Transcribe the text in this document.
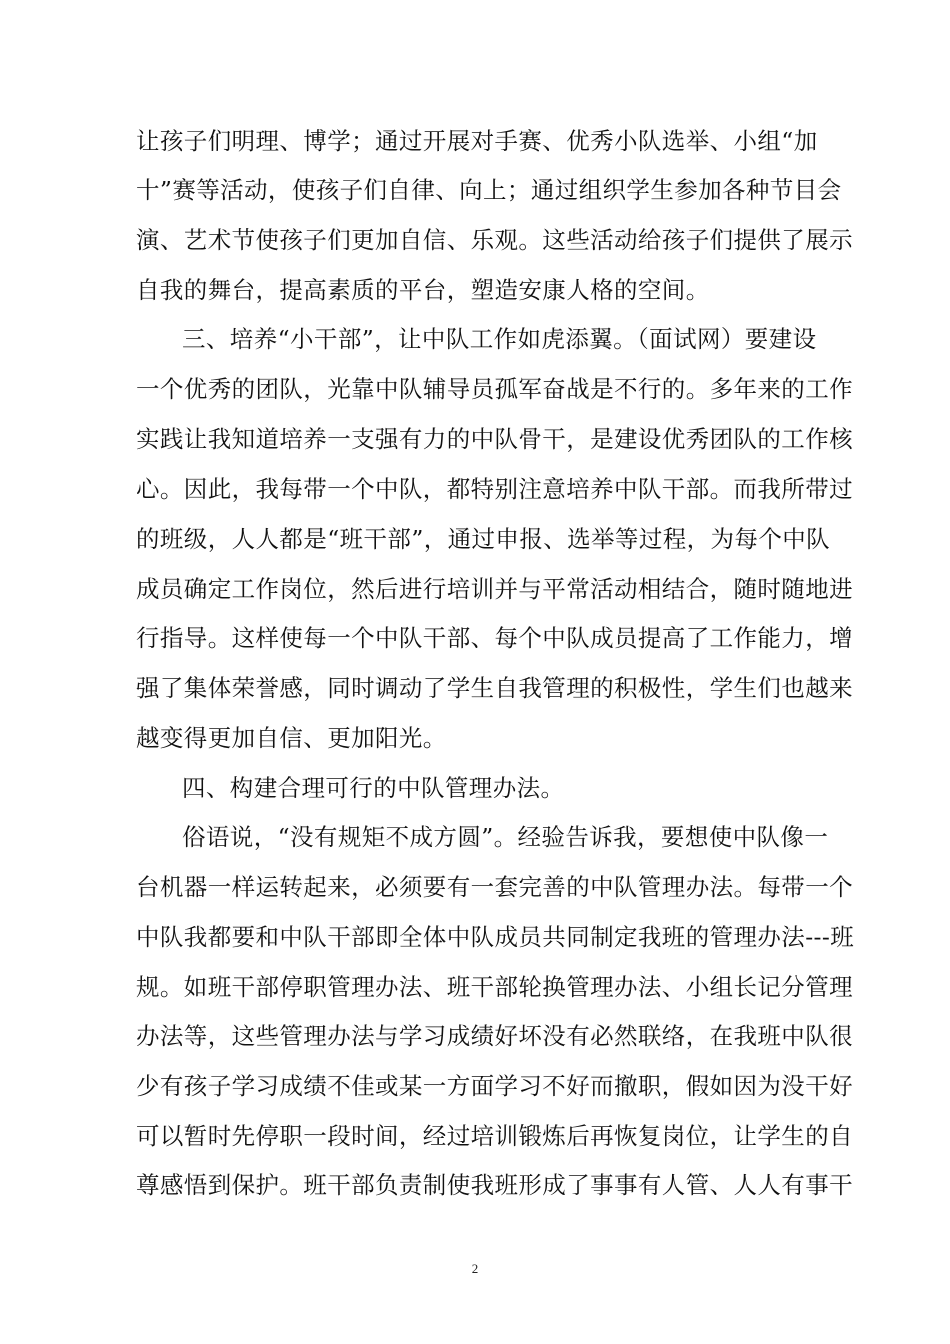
让孩子们明理、博学；通过开展对手赛、优秀小队选举、小组“加
十”赛等活动，使孩子们自律、向上；通过组织学生参加各种节目会
演、艺术节使孩子们更加自信、乐观。这些活动给孩子们提供了展示
自我的舞台，提高素质的平台，塑造安康人格的空间。
三、培养“小干部”，让中队工作如虎添翼。（面试网）要建设
一个优秀的团队，光靠中队辅导员孤军奋战是不行的。多年来的工作
实践让我知道培养一支强有力的中队骨干，是建设优秀团队的工作核
心。因此，我每带一个中队，都特别注意培养中队干部。而我所带过
的班级，人人都是“班干部”，通过申报、选举等过程，为每个中队
成员确定工作岗位，然后进行培训并与平常活动相结合，随时随地进
行指导。这样使每一个中队干部、每个中队成员提高了工作能力，增
强了集体荣誉感，同时调动了学生自我管理的积极性，学生们也越来
越变得更加自信、更加阳光。
四、构建合理可行的中队管理办法。
俗语说，“没有规矩不成方圆”。经验告诉我，要想使中队像一
台机器一样运转起来，必须要有一套完善的中队管理办法。每带一个
中队我都要和中队干部即全体中队成员共同制定我班的管理办法---班
规。如班干部停职管理办法、班干部轮换管理办法、小组长记分管理
办法等，这些管理办法与学习成绩好坏没有必然联络，在我班中队很
少有孩子学习成绩不佳或某一方面学习不好而撤职，假如因为没干好
可以暂时先停职一段时间，经过培训锻炼后再恢复岗位，让学生的自
尊感悟到保护。班干部负责制使我班形成了事事有人管、人人有事干
2
